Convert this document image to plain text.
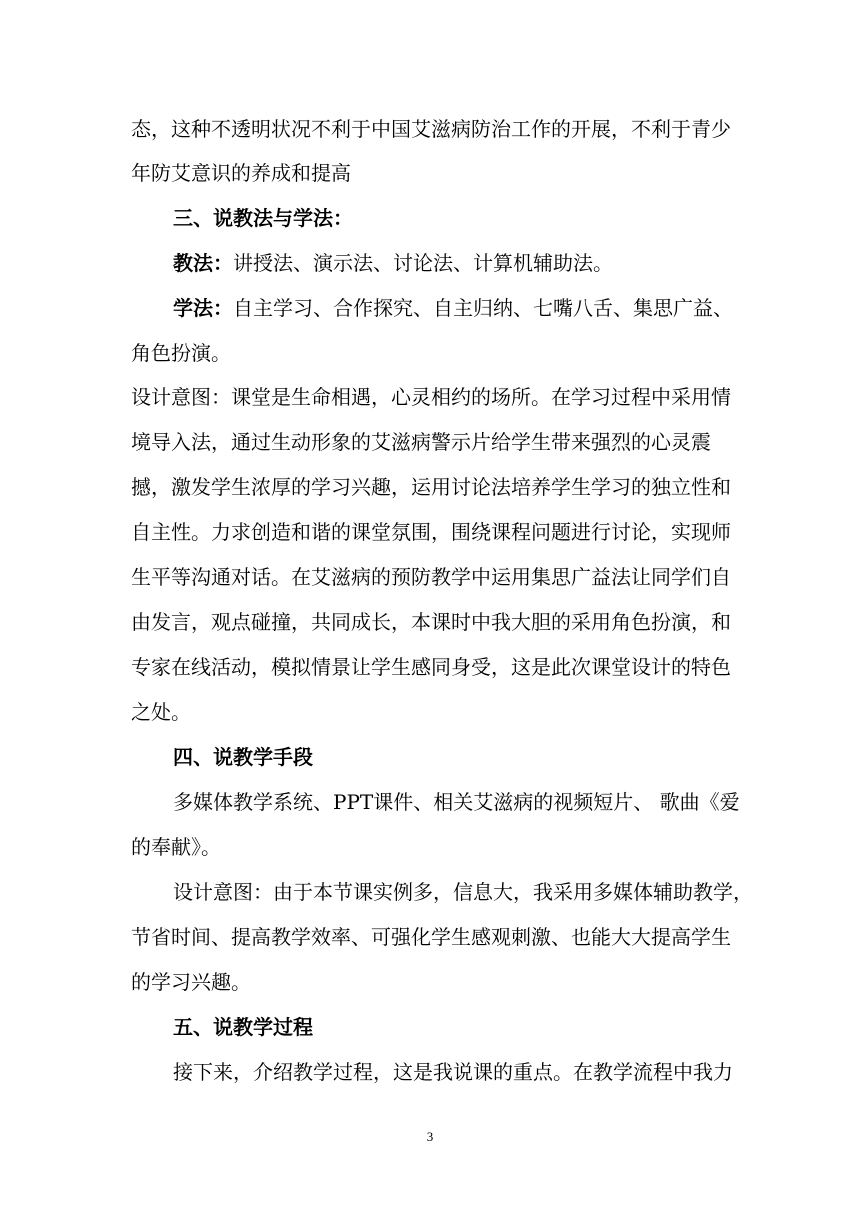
态，这种不透明状况不利于中国艾滋病防治工作的开展，不利于青少
年防艾意识的养成和提高
三、说教法与学法：
教法：讲授法、演示法、讨论法、计算机辅助法。
学法：自主学习、合作探究、自主归纳、七嘴八舌、集思广益、
角色扮演。
设计意图：课堂是生命相遇，心灵相约的场所。在学习过程中采用情
境导入法，通过生动形象的艾滋病警示片给学生带来强烈的心灵震
撼，激发学生浓厚的学习兴趣，运用讨论法培养学生学习的独立性和
自主性。力求创造和谐的课堂氛围，围绕课程问题进行讨论，实现师
生平等沟通对话。在艾滋病的预防教学中运用集思广益法让同学们自
由发言，观点碰撞，共同成长，本课时中我大胆的采用角色扮演，和
专家在线活动，模拟情景让学生感同身受，这是此次课堂设计的特色
之处。
四、说教学手段
多媒体教学系统、PPT课件、相关艾滋病的视频短片、 歌曲《爱
的奉献》。
设计意图：由于本节课实例多，信息大，我采用多媒体辅助教学，
节省时间、提高教学效率、可强化学生感观刺激、也能大大提高学生
的学习兴趣。
五、说教学过程
接下来，介绍教学过程，这是我说课的重点。在教学流程中我力
3
